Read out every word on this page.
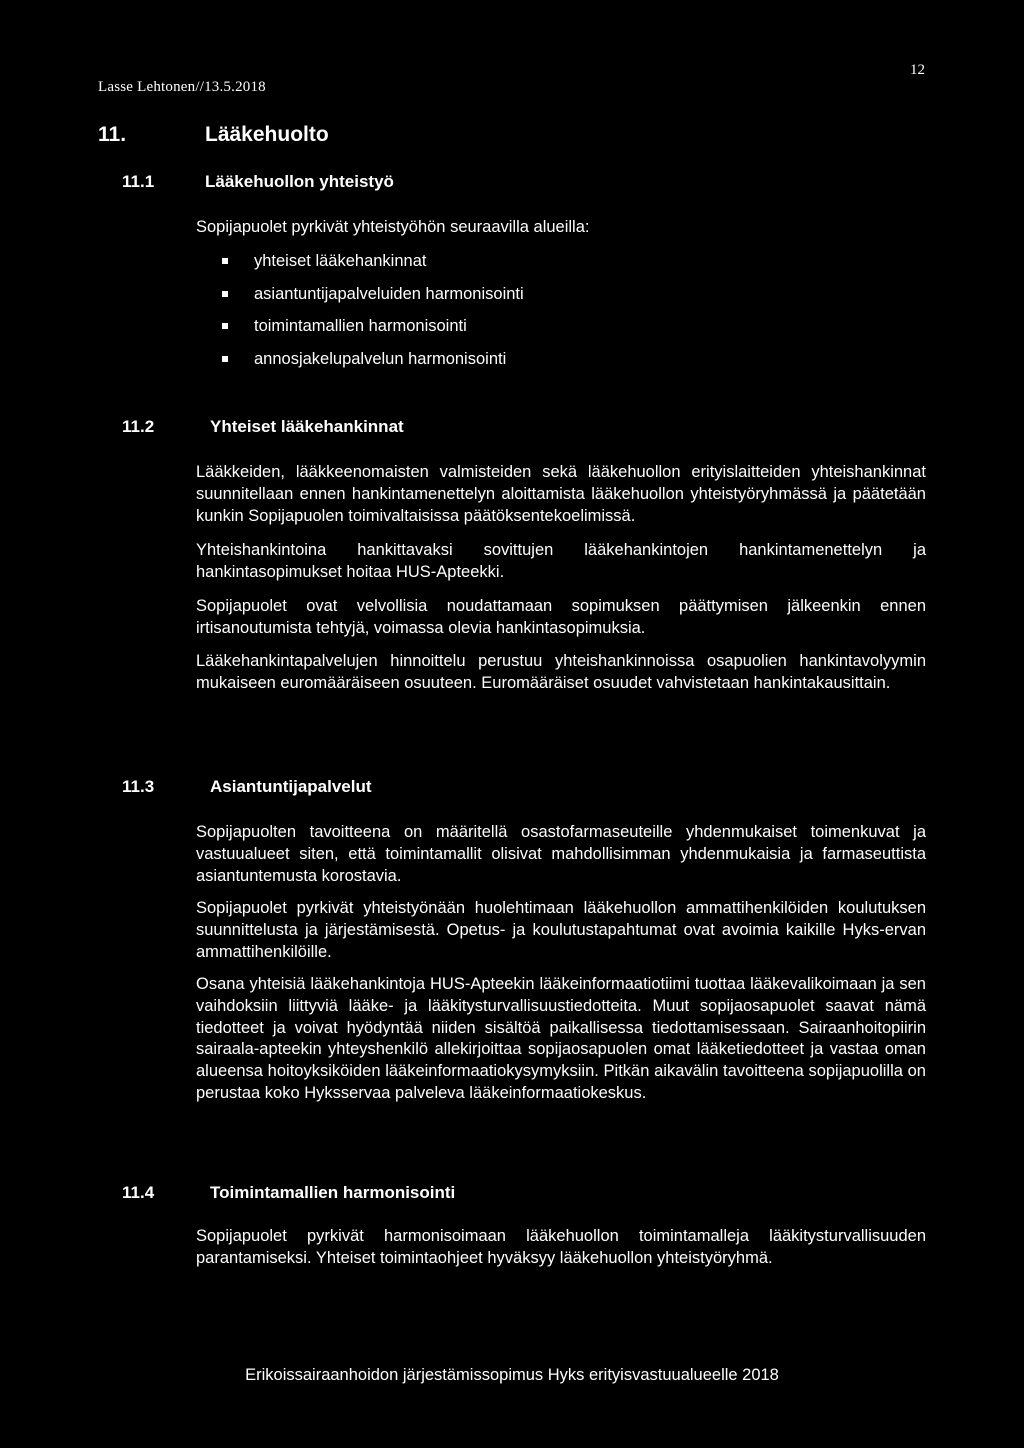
Lasse Lehtonen//13.5.2018
12
11.	Lääkehuolto
11.1	Lääkehuollon yhteistyö
Sopijapuolet pyrkivät yhteistyöhön seuraavilla alueilla:
yhteiset lääkehankinnat
asiantuntijapalveluiden harmonisointi
toimintamallien harmonisointi
annosjakelupalvelun harmonisointi
11.2	Yhteiset lääkehankinnat
Lääkkeiden, lääkkeenomaisten valmisteiden sekä lääkehuollon erityislaitteiden yhteishankinnat suunnitellaan ennen hankintamenettelyn aloittamista lääkehuollon yhteistyöryhmässä ja päätetään kunkin Sopijapuolen toimivaltaisissa päätöksentekoelimissä.
Yhteishankintoina hankittavaksi sovittujen lääkehankintojen hankintamenettelyn ja hankintasopimukset hoitaa HUS-Apteekki.
Sopijapuolet ovat velvollisia noudattamaan sopimuksen päättymisen jälkeenkin ennen irtisanoutumista tehtyjä, voimassa olevia hankintasopimuksia.
Lääkehankintapalvelujen hinnoittelu perustuu yhteishankinnoissa osapuolien hankintavolyymin mukaiseen euromääräiseen osuuteen. Euromääräiset osuudet vahvistetaan hankintakausittain.
11.3	Asiantuntijapalvelut
Sopijapuolten tavoitteena on määritellä osastofarmaseuteille yhdenmukaiset toimenkuvat ja vastuualueet siten, että toimintamallit olisivat mahdollisimman yhdenmukaisia ja farmaseuttista asiantuntemusta korostavia.
Sopijapuolet pyrkivät yhteistyönään huolehtimaan lääkehuollon ammattihenkilöiden koulutuksen suunnittelusta ja järjestämisestä. Opetus- ja koulutustapahtumat ovat avoimia kaikille Hyks-ervan ammattihenkilöille.
Osana yhteisiä lääkehankintoja HUS-Apteekin lääkeinformaatiotiimi tuottaa lääkevalikoimaan ja sen vaihdoksiin liittyviä lääke- ja lääkitysturvallisuustiedotteita. Muut sopijaosapuolet saavat nämä tiedotteet ja voivat hyödyntää niiden sisältöä paikallisessa tiedottamisessaan. Sairaanhoitopiirin sairaala-apteekin yhteyshenkilö allekirjoittaa sopijaosapuolen omat lääketiedotteet ja vastaa oman alueensa hoitoyksiköiden lääkeinformaatiokysymyksiin. Pitkän aikavälin tavoitteena sopijapuolilla on perustaa koko Hyksservaa palveleva lääkeinformaatiokeskus.
11.4	Toimintamallien harmonisointi
Sopijapuolet pyrkivät harmonisoimaan lääkehuollon toimintamalleja lääkitysturvallisuuden parantamiseksi. Yhteiset toimintaohjeet hyväksyy lääkehuollon yhteistyöryhmä.
Erikoissairaanhoidon järjestämissopimus Hyks erityisvastuualueelle 2018
